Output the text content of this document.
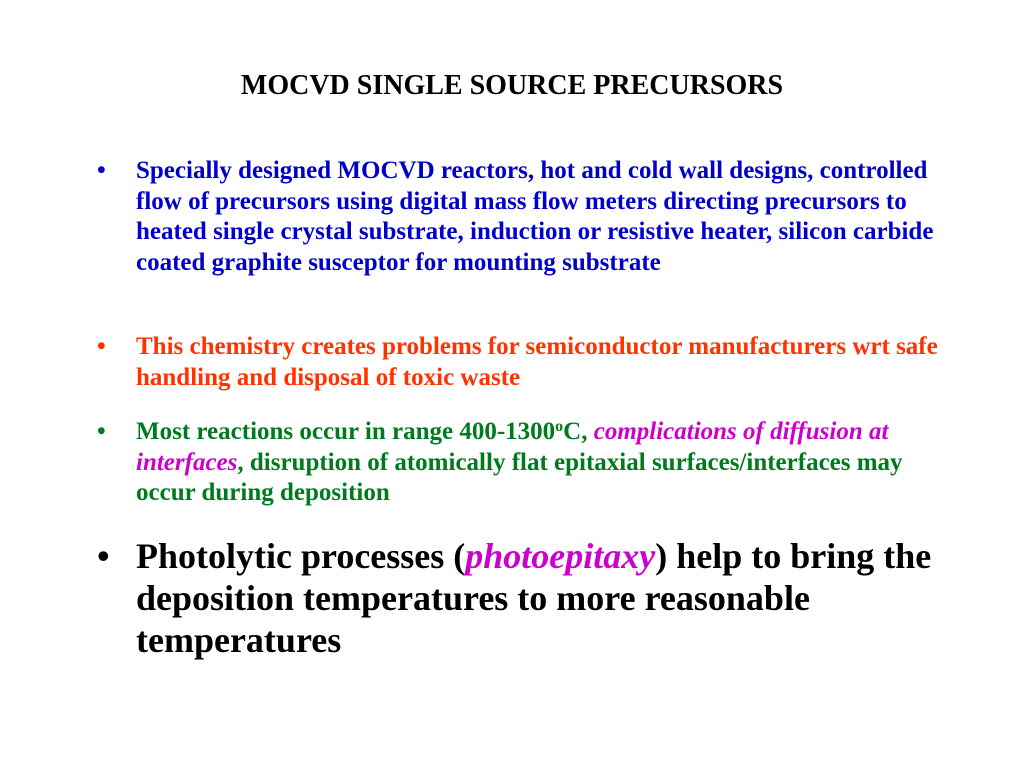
MOCVD SINGLE SOURCE PRECURSORS
• Specially designed MOCVD reactors, hot and cold wall designs, controlled flow of precursors using digital mass flow meters directing precursors to heated single crystal substrate, induction or resistive heater, silicon carbide coated graphite susceptor for mounting substrate
• This chemistry creates problems for semiconductor manufacturers wrt safe handling and disposal of toxic waste
• Most reactions occur in range 400-1300$^o$C, complications of diffusion at interfaces, disruption of atomically flat epitaxial surfaces/interfaces may occur during deposition
• Photolytic processes (photoepitaxy) help to bring the deposition temperatures to more reasonable temperatures
